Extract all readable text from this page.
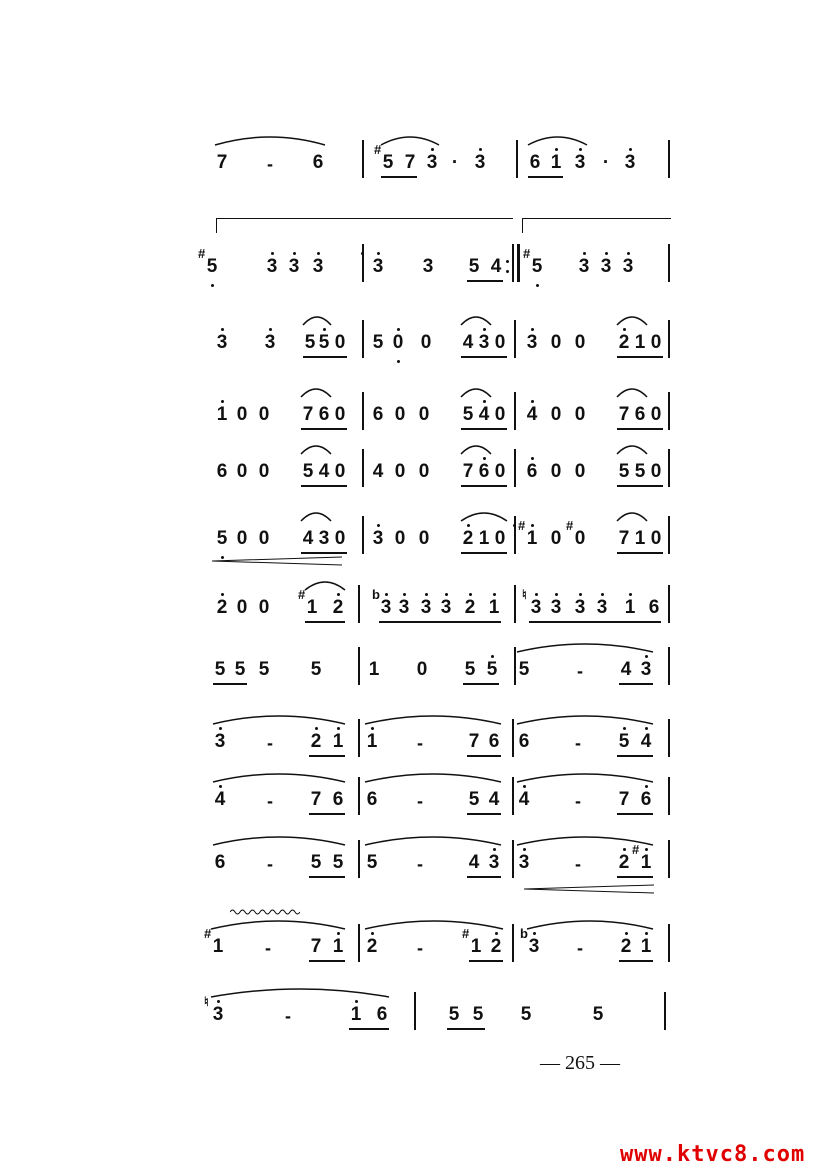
7 - 6	5 7 3 · 3 6 1 3 · 3
5	3 3 3	3 3 5 4 5 3 3 3
3 3 5 5 0 5 0 0 4 3 0 3 0 0 2 1 0
1 0 0 7 6 0 6 0 0 5 4 0 4 0 0 7 6 0
6 0 0 5 4 0 4 0 0 7 6 0 6 0 0 5 5 0
5 0 0 4 3 0 3 0 0 2 1 0 1 0 0 7 1 0
2 0 0 1 2 3 3 3 3 2 1 3 3 3 3 1 6
5 5 5 5 1 0 5 5 5	- 4 3
3 - 2 1 1 - 7 6 6	- 5 4
4 - 7 6 6 - 5 4 4	- 7 6
6 - 5 5 5 - 4 3 3	- 2 1
1 - 7 1 2 -	1 2 3 - 2 1
3	-	1 6	5 5 5	5
#
#	#
#
#	b	♮
#
#	#	b
♮
#
— 265 —
www.ktvc8.com
